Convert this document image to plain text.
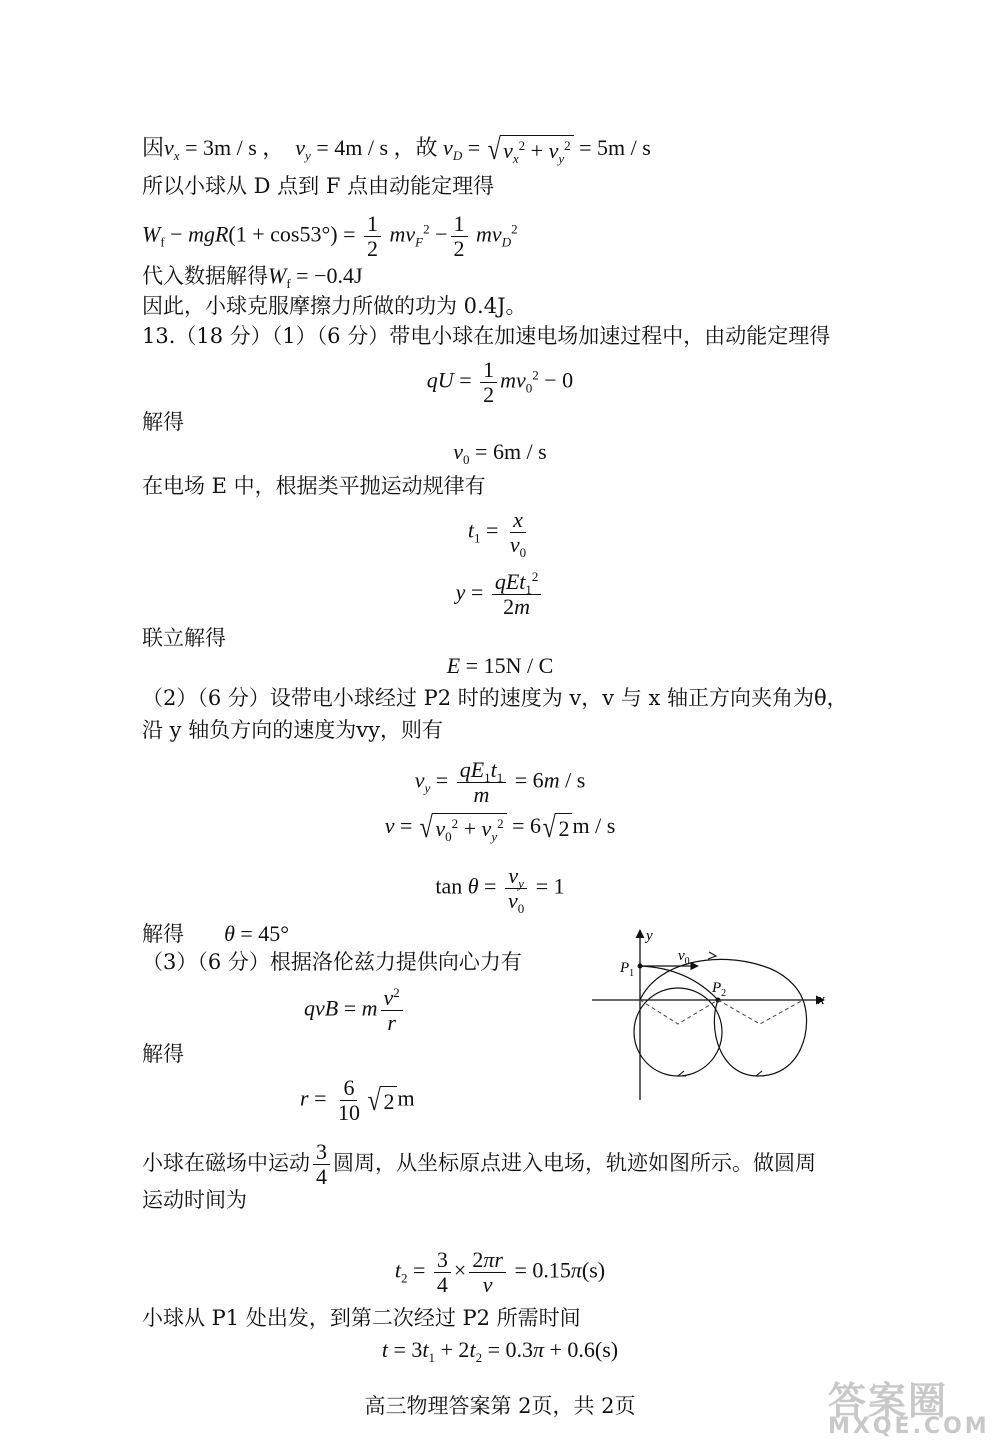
因$v_x = 3m / s$ ， $v_y = 4m / s$ ，故 $v_D$ = √ $v_x^2 + v_y^2 = 5m / s$
所以小球从 D 点到 F 点由动能定理得
$W_f - mgR(1 + \cos 53^\circ) = \frac{1}{2} mv_F^2 - \frac{1}{2} mv_D^2$
代入数据解得$W_f = -0.4J$
因此，小球克服摩擦力所做的功为 0.4J。
13.（18 分）（1）（6 分）带电小球在加速电场加速过程中，由动能定理得
qU = $\frac{1}{2} mv_0^2 - 0$
解得
$v_0 = 6m / s$
在电场 E 中，根据类平抛运动规律有
$t_1 = \frac{x}{v_0}$
$y = \frac{qEt_1^2}{2m}$
联立解得
E = 15N / C
（2）（6 分）设带电小球经过 P2 时的速度为 v，v 与 x 轴正方向夹角为θ，
沿 y 轴负方向的速度为vy，则有
$v_y = \frac{qE_1t_1}{m} = 6m / s$
v = √ $v_0^2 + v_y^2 = 6$ √ 2 m / s
$\tan \theta = \frac{v_y}{v_0} = 1$
解得 θ = 45°
（3）（6 分）根据洛伦兹力提供向心力有
qvB = m $\frac{v^2}{r}$
解得
$r = \frac{6}{10}$ √ 2 m
小球在磁场中运动 $\frac{3}{4}$ 圆周，从坐标原点进入电场，轨迹如图所示。做圆周
运动时间为
$t_2 = \frac{3}{4} \times \frac{2\pi r}{v} = 0.15\pi(s)$
小球从 P1 处出发，到第二次经过 P2 所需时间
$t = 3t_1 + 2t_2 = 0.3\pi + 0.6(s)$
y
x
$P_1$
$P_2$
$v_0$
答案圈
MXQE.COM
高三物理答案第 2页，共 2页
